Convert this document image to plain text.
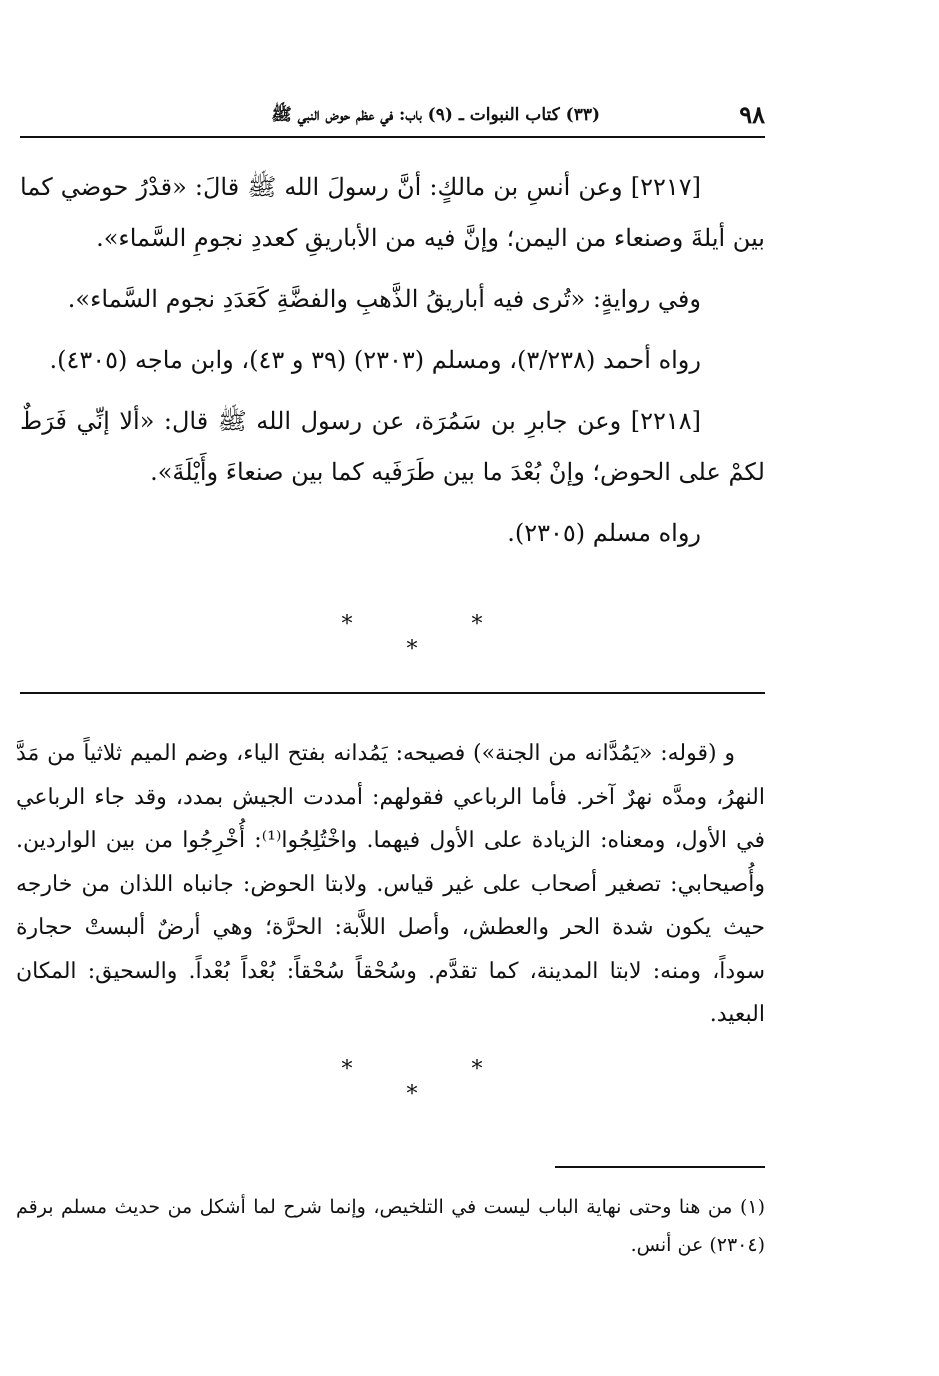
٩٨
(٣٣) كتاب النبوات ـ (٩) باب: في عظم حوض النبي ﷺ

[٢٢١٧] وعن أنسِ بن مالكٍ: أنَّ رسولَ الله ﷺ قالَ: «قدْرُ حوضي كما بين أيلةَ وصنعاء من اليمن؛ وإنَّ فيه من الأباريقِ كعددِ نجومِ السَّماء».

وفي روايةٍ: «تُرى فيه أباريقُ الذَّهبِ والفضَّةِ كَعَدَدِ نجوم السَّماء».

رواه أحمد (٣/٢٣٨)، ومسلم (٢٣٠٣) (٣٩ و ٤٣)، وابن ماجه (٤٣٠٥).

[٢٢١٨] وعن جابرِ بن سَمُرَة، عن رسول الله ﷺ قال: «ألا إنِّي فَرَطٌ لكمْ على الحوض؛ وإنْ بُعْدَ ما بين طَرَفَيه كما بين صنعاءَ وأَيْلَةَ».

رواه مسلم (٢٣٠٥).

* * *

و (قوله: «يَمُدَّانه من الجنة») فصيحه: يَمُدانه بفتح الياء، وضم الميم ثلاثياً من مَدَّ النهرُ، ومدَّه نهرٌ آخر. فأما الرباعي فقولهم: أمددت الجيش بمدد، وقد جاء الرباعي في الأول، ومعناه: الزيادة على الأول فيهما. واخْتُلِجُوا⁽¹⁾: أُخْرِجُوا من بين الواردين. وأُصيحابي: تصغير أصحاب على غير قياس. ولابتا الحوض: جانباه اللذان من خارجه حيث يكون شدة الحر والعطش، وأصل اللاَّبة: الحرَّة؛ وهي أرضٌ ألبستْ حجارة سوداً، ومنه: لابتا المدينة، كما تقدَّم. وسُحْقاً سُحْقاً: بُعْداً بُعْداً. والسحيق: المكان البعيد.

* * *

(١) من هنا وحتى نهاية الباب ليست في التلخيص، وإنما شرح لما أشكل من حديث مسلم برقم (٢٣٠٤) عن أنس.
